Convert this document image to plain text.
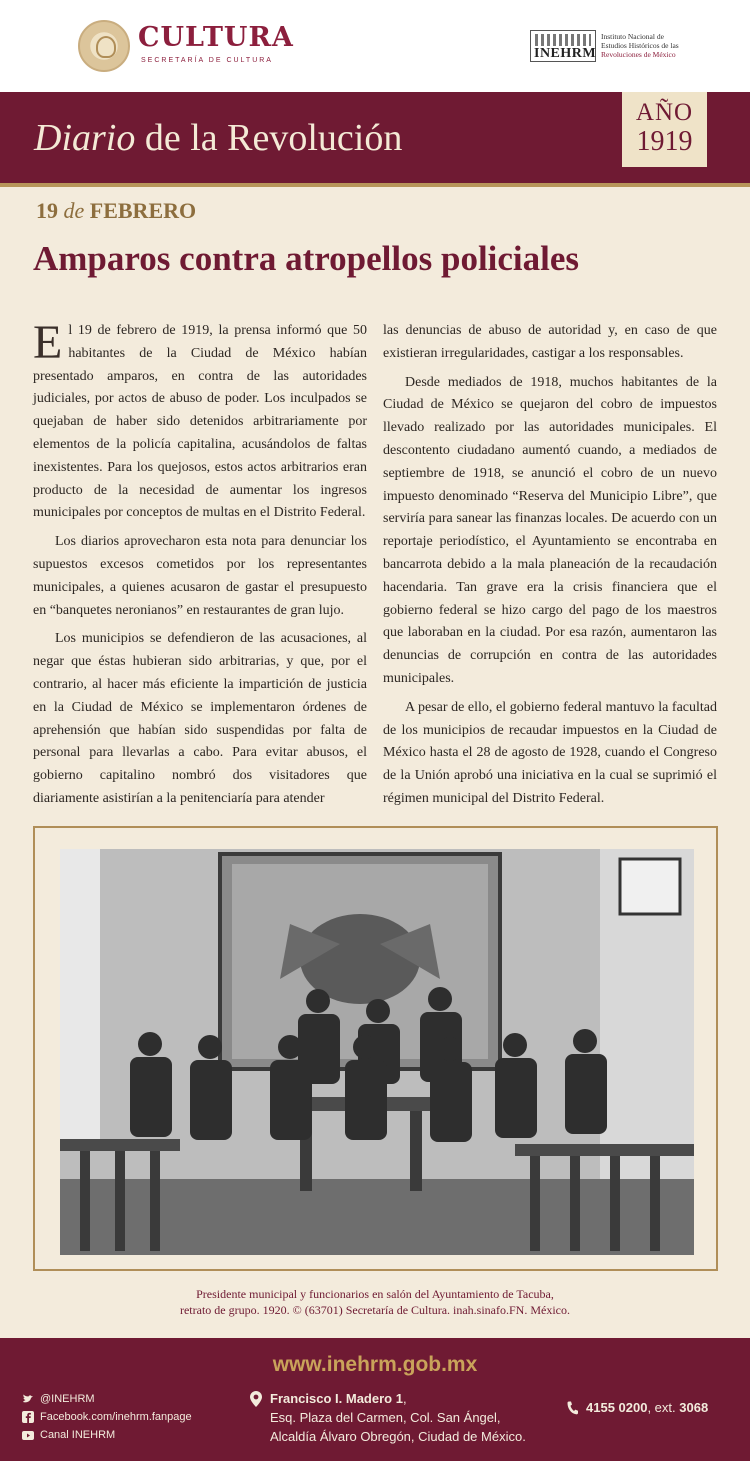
CULTURA
SECRETARÍA DE CULTURA	INEHRM
Instituto Nacional de
Estudios Históricos de las
Revoluciones de México
Diario de la Revolución
AÑO
1919
19 de FEBRERO
Amparos contra atropellos policiales

El 19 de febrero de 1919, la prensa informó que 50 habitantes de la Ciudad de México habían presentado amparos, en contra de las autoridades judiciales, por actos de abuso de poder. Los inculpados se quejaban de haber sido detenidos arbitrariamente por elementos de la policía capitalina, acusándolos de faltas inexistentes. Para los quejosos, estos actos arbitrarios eran producto de la necesidad de aumentar los ingresos municipales por conceptos de multas en el Distrito Federal.

Los diarios aprovecharon esta nota para denunciar los supuestos excesos cometidos por los representantes municipales, a quienes acusaron de gastar el presupuesto en “banquetes neronianos” en restaurantes de gran lujo.

Los municipios se defendieron de las acusaciones, al negar que éstas hubieran sido arbitrarias, y que, por el contrario, al hacer más eficiente la impartición de justicia en la Ciudad de México se implementaron órdenes de aprehensión que habían sido suspendidas por falta de personal para llevarlas a cabo. Para evitar abusos, el gobierno capitalino nombró dos visitadores que diariamente asistirían a la penitenciaría para atender

las denuncias de abuso de autoridad y, en caso de que existieran irregularidades, castigar a los responsables.

Desde mediados de 1918, muchos habitantes de la Ciudad de México se quejaron del cobro de impuestos llevado realizado por las autoridades municipales. El descontento ciudadano aumentó cuando, a mediados de septiembre de 1918, se anunció el cobro de un nuevo impuesto denominado “Reserva del Municipio Libre”, que serviría para sanear las finanzas locales. De acuerdo con un reportaje periodístico, el Ayuntamiento se encontraba en bancarrota debido a la mala planeación de la recaudación hacendaria. Tan grave era la crisis financiera que el gobierno federal se hizo cargo del pago de los maestros que laboraban en la ciudad. Por esa razón, aumentaron las denuncias de corrupción en contra de las autoridades municipales.

A pesar de ello, el gobierno federal mantuvo la facultad de los municipios de recaudar impuestos en la Ciudad de México hasta el 28 de agosto de 1928, cuando el Congreso de la Unión aprobó una iniciativa en la cual se suprimió el régimen municipal del Distrito Federal.

Presidente municipal y funcionarios en salón del Ayuntamiento de Tacuba,
retrato de grupo. 1920. © (63701) Secretaría de Cultura. inah.sinafo.FN. México.
www.inehrm.gob.mx
@INEHRM
Facebook.com/inehrm.fanpage
Canal INEHRM
Francisco I. Madero 1,
Esq. Plaza del Carmen, Col. San Ángel,
Alcaldía Álvaro Obregón, Ciudad de México.
4155 0200, ext. 3068
